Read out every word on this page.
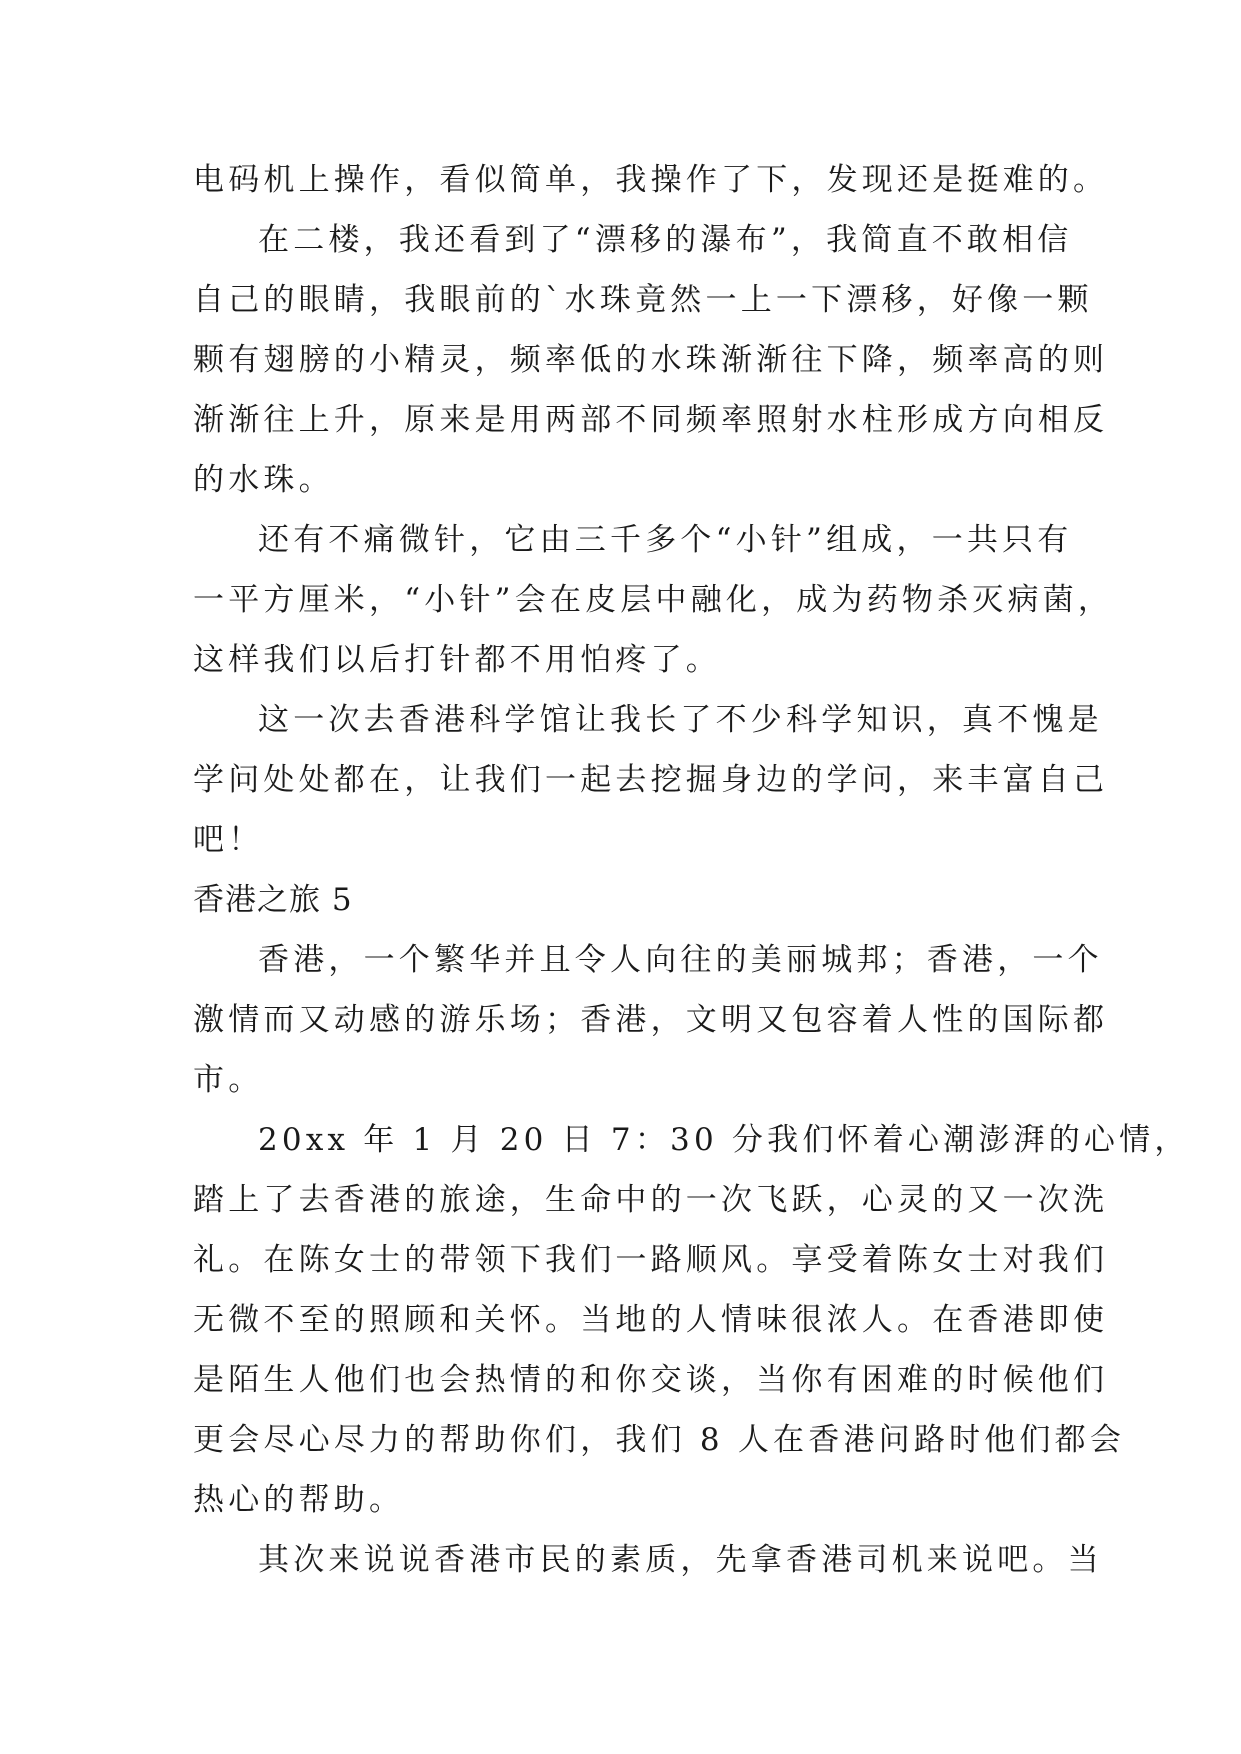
电码机上操作，看似简单，我操作了下，发现还是挺难的。
在二楼，我还看到了“漂移的瀑布”，我简直不敢相信
自己的眼睛，我眼前的`水珠竟然一上一下漂移，好像一颗
颗有翅膀的小精灵，频率低的水珠渐渐往下降，频率高的则
渐渐往上升，原来是用两部不同频率照射水柱形成方向相反
的水珠。
还有不痛微针，它由三千多个“小针”组成，一共只有
一平方厘米，“小针”会在皮层中融化，成为药物杀灭病菌，
这样我们以后打针都不用怕疼了。
这一次去香港科学馆让我长了不少科学知识，真不愧是
学问处处都在，让我们一起去挖掘身边的学问，来丰富自己
吧！
香港之旅 5
香港，一个繁华并且令人向往的美丽城邦；香港，一个
激情而又动感的游乐场；香港，文明又包容着人性的国际都
市。
20xx 年 1 月 20 日 7：30 分我们怀着心潮澎湃的心情，
踏上了去香港的旅途，生命中的一次飞跃，心灵的又一次洗
礼。在陈女士的带领下我们一路顺风。享受着陈女士对我们
无微不至的照顾和关怀。当地的人情味很浓人。在香港即使
是陌生人他们也会热情的和你交谈，当你有困难的时候他们
更会尽心尽力的帮助你们，我们 8 人在香港问路时他们都会
热心的帮助。
其次来说说香港市民的素质，先拿香港司机来说吧。当
